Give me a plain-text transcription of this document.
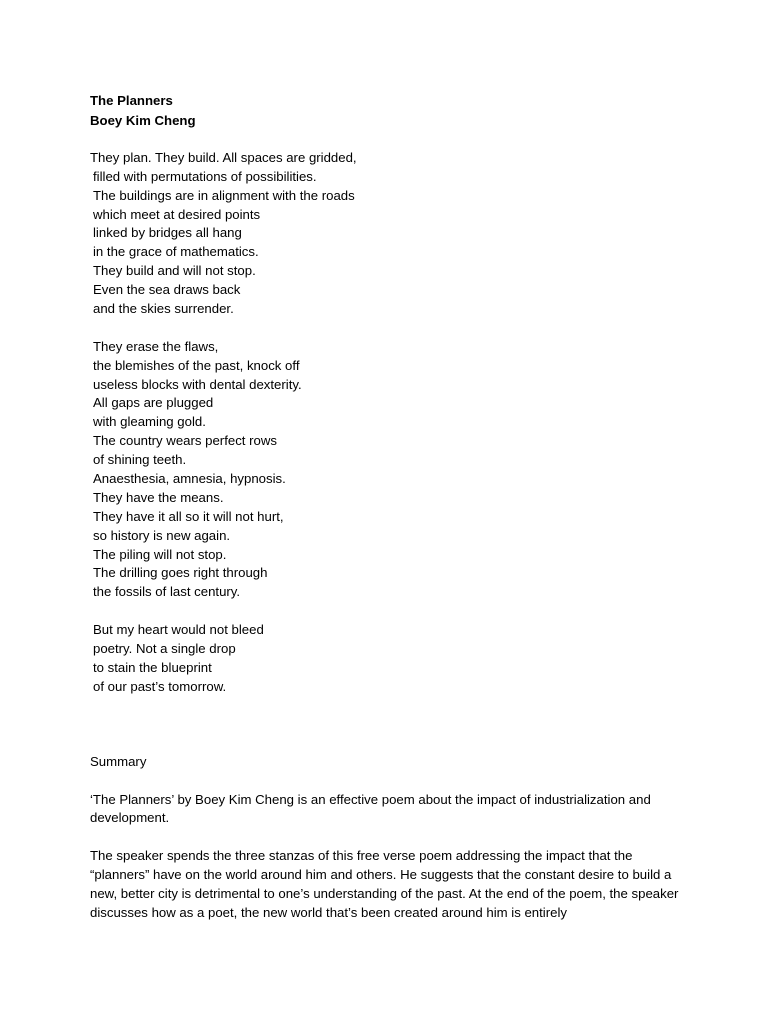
The Planners
Boey Kim Cheng
They plan. They build. All spaces are gridded,
filled with permutations of possibilities.
The buildings are in alignment with the roads
which meet at desired points
linked by bridges all hang
in the grace of mathematics.
They build and will not stop.
Even the sea draws back
and the skies surrender.
They erase the flaws,
the blemishes of the past, knock off
useless blocks with dental dexterity.
All gaps are plugged
with gleaming gold.
The country wears perfect rows
of shining teeth.
Anaesthesia, amnesia, hypnosis.
They have the means.
They have it all so it will not hurt,
so history is new again.
The piling will not stop.
The drilling goes right through
the fossils of last century.
But my heart would not bleed
poetry. Not a single drop
to stain the blueprint
of our past’s tomorrow.

Summary

‘The Planners’ by Boey Kim Cheng is an effective poem about the impact of industrialization and development.

The speaker spends the three stanzas of this free verse poem addressing the impact that the “planners” have on the world around him and others. He suggests that the constant desire to build a new, better city is detrimental to one’s understanding of the past. At the end of the poem, the speaker discusses how as a poet, the new world that’s been created around him is entirely
